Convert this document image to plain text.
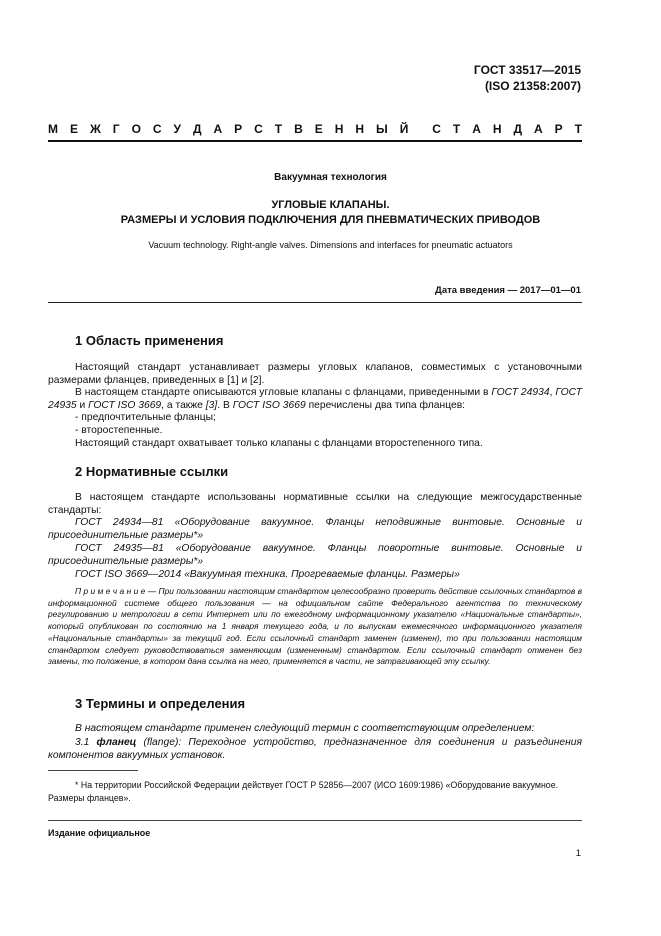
ГОСТ 33517—2015
(ISO 21358:2007)
М Е Ж Г О С У Д А Р С Т В Е Н Н Ы Й С Т А Н Д А Р Т
Вакуумная технология
УГЛОВЫЕ КЛАПАНЫ.
РАЗМЕРЫ И УСЛОВИЯ ПОДКЛЮЧЕНИЯ ДЛЯ ПНЕВМАТИЧЕСКИХ ПРИВОДОВ
Vacuum technology. Right-angle valves. Dimensions and interfaces for pneumatic actuators
Дата введения — 2017—01—01
1 Область применения
Настоящий стандарт устанавливает размеры угловых клапанов, совместимых с установочными размерами фланцев, приведенных в [1] и [2].
В настоящем стандарте описываются угловые клапаны с фланцами, приведенными в ГОСТ 24934, ГОСТ 24935 и ГОСТ ISO 3669, а также [3]. В ГОСТ ISO 3669 перечислены два типа фланцев:
- предпочтительные фланцы;
- второстепенные.
Настоящий стандарт охватывает только клапаны с фланцами второстепенного типа.
2 Нормативные ссылки
В настоящем стандарте использованы нормативные ссылки на следующие межгосударственные стандарты:
ГОСТ 24934—81 «Оборудование вакуумное. Фланцы неподвижные винтовые. Основные и присоединительные размеры*»
ГОСТ 24935—81 «Оборудование вакуумное. Фланцы поворотные винтовые. Основные и присоединительные размеры*»
ГОСТ ISO 3669—2014 «Вакуумная техника. Прогреваемые фланцы. Размеры»
П р и м е ч а н и е — При пользовании настоящим стандартом целесообразно проверить действие ссылочных стандартов в информационной системе общего пользования — на официальном сайте Федерального агентства по техническому регулированию и метрологии в сети Интернет или по ежегодному информационному указателю «Национальные стандарты», который опубликован по состоянию на 1 января текущего года, и по выпускам ежемесячного информационного указателя «Национальные стандарты» за текущий год. Если ссылочный стандарт заменен (изменен), то при пользовании настоящим стандартом следует руководствоваться заменяющим (измененным) стандартом. Если ссылочный стандарт отменен без замены, то положение, в котором дана ссылка на него, применяется в части, не затрагивающей эту ссылку.
3 Термины и определения
В настоящем стандарте применен следующий термин с соответствующим определением:
3.1 фланец (flange): Переходное устройство, предназначенное для соединения и разъединения компонентов вакуумных установок.
* На территории Российской Федерации действует ГОСТ Р 52856—2007 (ИСО 1609:1986) «Оборудование вакуумное. Размеры фланцев».
Издание официальное
1
